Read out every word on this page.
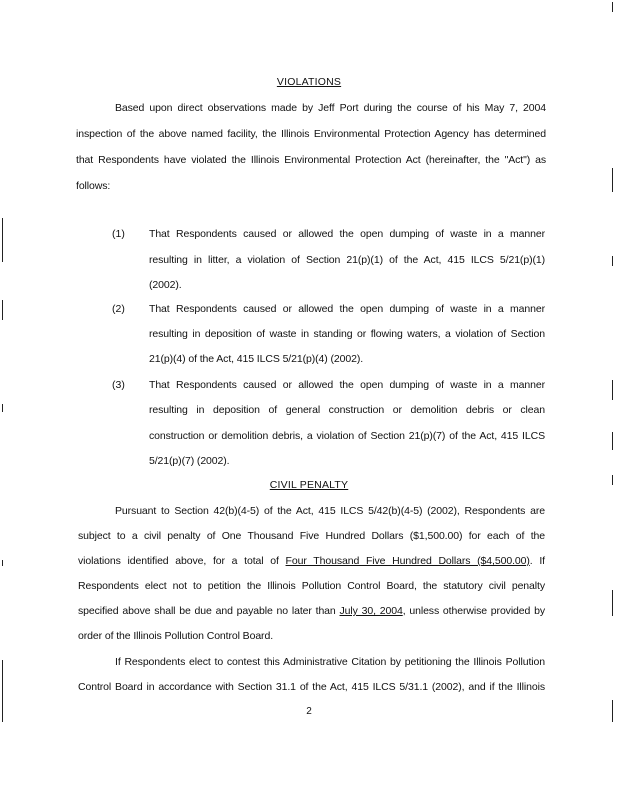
VIOLATIONS
Based upon direct observations made by Jeff Port during the course of his May 7, 2004
inspection of the above named facility, the Illinois Environmental Protection Agency has determined
that Respondents have violated the Illinois Environmental Protection Act (hereinafter, the "Act") as
follows:
(1) That Respondents caused or allowed the open dumping of waste in a manner
resulting in litter, a violation of Section 21(p)(1) of the Act, 415 ILCS 5/21(p)(1)
(2002).
(2) That Respondents caused or allowed the open dumping of waste in a manner
resulting in deposition of waste in standing or flowing waters, a violation of Section
21(p)(4) of the Act, 415 ILCS 5/21(p)(4) (2002).
(3) That Respondents caused or allowed the open dumping of waste in a manner
resulting in deposition of general construction or demolition debris or clean
construction or demolition debris, a violation of Section 21(p)(7) of the Act, 415 ILCS
5/21(p)(7) (2002).
CIVIL PENALTY
Pursuant to Section 42(b)(4-5) of the Act, 415 ILCS 5/42(b)(4-5) (2002), Respondents are
subject to a civil penalty of One Thousand Five Hundred Dollars ($1,500.00) for each of the
violations identified above, for a total of Four Thousand Five Hundred Dollars ($4,500.00). If
Respondents elect not to petition the Illinois Pollution Control Board, the statutory civil penalty
specified above shall be due and payable no later than July 30, 2004, unless otherwise provided by
order of the Illinois Pollution Control Board.
If Respondents elect to contest this Administrative Citation by petitioning the Illinois Pollution
Control Board in accordance with Section 31.1 of the Act, 415 ILCS 5/31.1 (2002), and if the Illinois
2
